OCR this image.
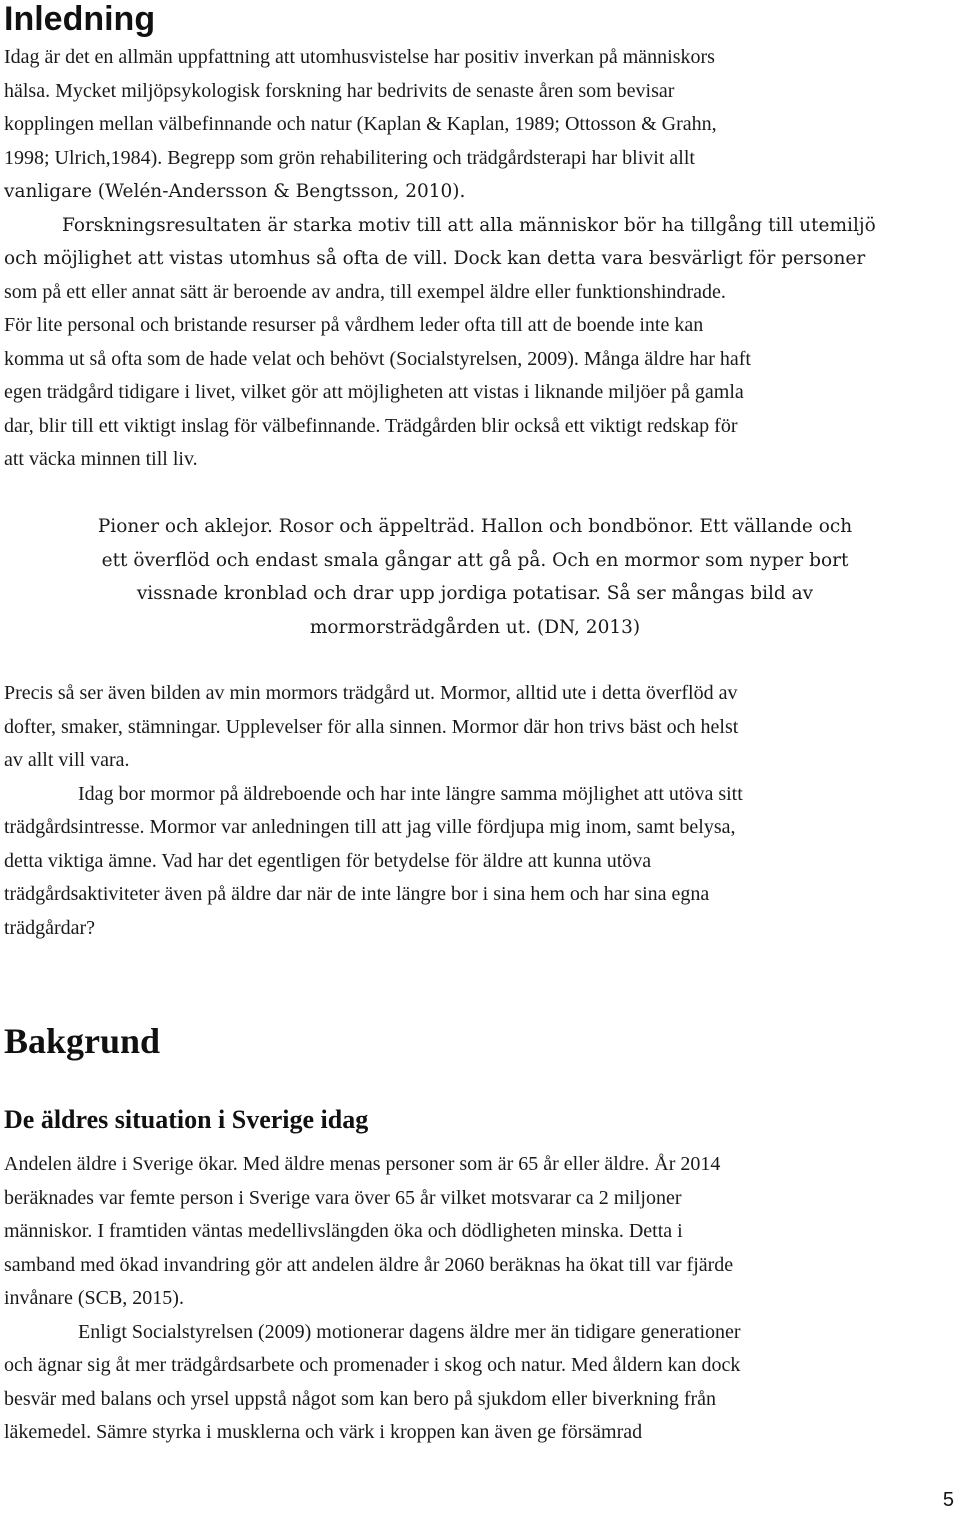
Inledning
Idag är det en allmän uppfattning att utomhusvistelse har positiv inverkan på människors
hälsa. Mycket miljöpsykologisk forskning har bedrivits de senaste åren som bevisar
kopplingen mellan välbefinnande och natur (Kaplan & Kaplan, 1989; Ottosson & Grahn,
1998; Ulrich,1984). Begrepp som grön rehabilitering och trädgårdsterapi har blivit allt
vanligare (Welén-Andersson & Bengtsson, 2010).
Forskningsresultaten är starka motiv till att alla människor bör ha tillgång till utemiljö
och möjlighet att vistas utomhus så ofta de vill. Dock kan detta vara besvärligt för personer
som på ett eller annat sätt är beroende av andra, till exempel äldre eller funktionshindrade.
För lite personal och bristande resurser på vårdhem leder ofta till att de boende inte kan
komma ut så ofta som de hade velat och behövt (Socialstyrelsen, 2009). Många äldre har haft
egen trädgård tidigare i livet, vilket gör att möjligheten att vistas i liknande miljöer på gamla
dar, blir till ett viktigt inslag för välbefinnande. Trädgården blir också ett viktigt redskap för
att väcka minnen till liv.
Pioner och aklejor. Rosor och äppelträd. Hallon och bondbönor. Ett vällande och
ett överflöd och endast smala gångar att gå på. Och en mormor som nyper bort
vissnade kronblad och drar upp jordiga potatisar. Så ser mångas bild av
mormorsträdgården ut. (DN, 2013)
Precis så ser även bilden av min mormors trädgård ut. Mormor, alltid ute i detta överflöd av
dofter, smaker, stämningar. Upplevelser för alla sinnen. Mormor där hon trivs bäst och helst
av allt vill vara.
Idag bor mormor på äldreboende och har inte längre samma möjlighet att utöva sitt
trädgårdsintresse. Mormor var anledningen till att jag ville fördjupa mig inom, samt belysa,
detta viktiga ämne. Vad har det egentligen för betydelse för äldre att kunna utöva
trädgårdsaktiviteter även på äldre dar när de inte längre bor i sina hem och har sina egna
trädgårdar?
Bakgrund
De äldres situation i Sverige idag
Andelen äldre i Sverige ökar. Med äldre menas personer som är 65 år eller äldre. År 2014
beräknades var femte person i Sverige vara över 65 år vilket motsvarar ca 2 miljoner
människor. I framtiden väntas medellivslängden öka och dödligheten minska. Detta i
samband med ökad invandring gör att andelen äldre år 2060 beräknas ha ökat till var fjärde
invånare (SCB, 2015).
Enligt Socialstyrelsen (2009) motionerar dagens äldre mer än tidigare generationer
och ägnar sig åt mer trädgårdsarbete och promenader i skog och natur. Med åldern kan dock
besvär med balans och yrsel uppstå något som kan bero på sjukdom eller biverkning från
läkemedel. Sämre styrka i musklerna och värk i kroppen kan även ge försämrad
5
